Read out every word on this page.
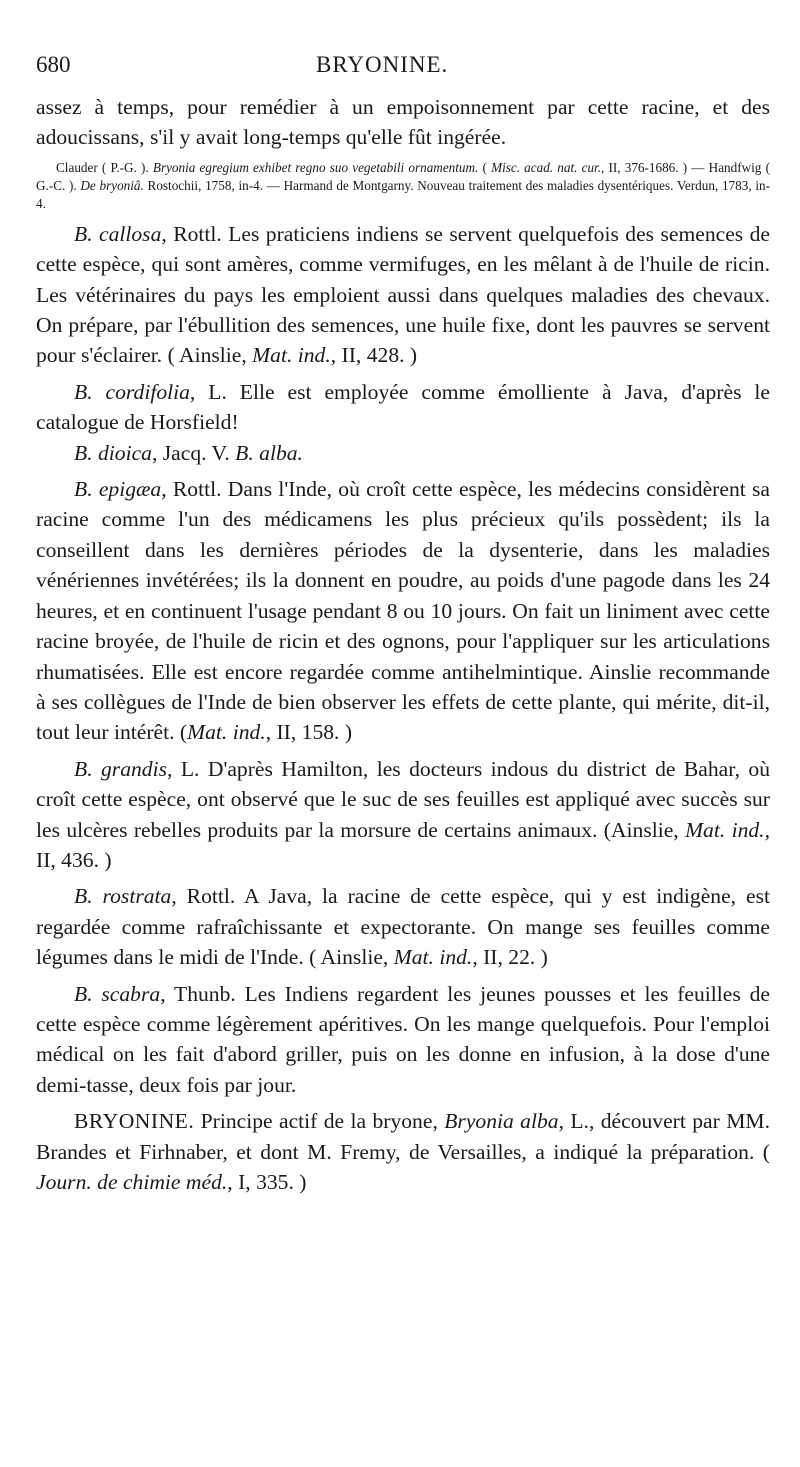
680	BRYONINE.

assez à temps, pour remédier à un empoisonnement par cette racine, et des adoucissans, s'il y avait long-temps qu'elle fût ingérée.

Clauder ( P.-G. ). Bryonia egregium exhibet regno suo vegetabili ornamentum. ( Misc. acad. nat. cur., II, 376-1686. ) — Handfwig ( G.-C. ). De bryoniâ. Rostochii, 1758, in-4. — Harmand de Montgarny. Nouveau traitement des maladies dysentériques. Verdun, 1783, in-4.

B. callosa, Rottl. Les praticiens indiens se servent quelquefois des semences de cette espèce, qui sont amères, comme vermifuges, en les mêlant à de l'huile de ricin. Les vétérinaires du pays les emploient aussi dans quelques maladies des chevaux. On prépare, par l'ébullition des semences, une huile fixe, dont les pauvres se servent pour s'éclairer. ( Ainslie, Mat. ind., II, 428. )

B. cordifolia, L. Elle est employée comme émolliente à Java, d'après le catalogue de Horsfield!

B. dioica, Jacq. V. B. alba.

B. epigæa, Rottl. Dans l'Inde, où croît cette espèce, les médecins considèrent sa racine comme l'un des médicamens les plus précieux qu'ils possèdent; ils la conseillent dans les dernières périodes de la dysenterie, dans les maladies vénériennes invétérées; ils la donnent en poudre, au poids d'une pagode dans les 24 heures, et en continuent l'usage pendant 8 ou 10 jours. On fait un liniment avec cette racine broyée, de l'huile de ricin et des ognons, pour l'appliquer sur les articulations rhumatisées. Elle est encore regardée comme antihelmintique. Ainslie recommande à ses collègues de l'Inde de bien observer les effets de cette plante, qui mérite, dit-il, tout leur intérêt. (Mat. ind., II, 158. )

B. grandis, L. D'après Hamilton, les docteurs indous du district de Bahar, où croît cette espèce, ont observé que le suc de ses feuilles est appliqué avec succès sur les ulcères rebelles produits par la morsure de certains animaux. (Ainslie, Mat. ind., II, 436. )

B. rostrata, Rottl. A Java, la racine de cette espèce, qui y est indigène, est regardée comme rafraîchissante et expectorante. On mange ses feuilles comme légumes dans le midi de l'Inde. ( Ainslie, Mat. ind., II, 22. )

B. scabra, Thunb. Les Indiens regardent les jeunes pousses et les feuilles de cette espèce comme légèrement apéritives. On les mange quelquefois. Pour l'emploi médical on les fait d'abord griller, puis on les donne en infusion, à la dose d'une demi-tasse, deux fois par jour.

BRYONINE. Principe actif de la bryone, Bryonia alba, L., découvert par MM. Brandes et Firhnaber, et dont M. Fremy, de Versailles, a indiqué la préparation. ( Journ. de chimie méd., I, 335. )
